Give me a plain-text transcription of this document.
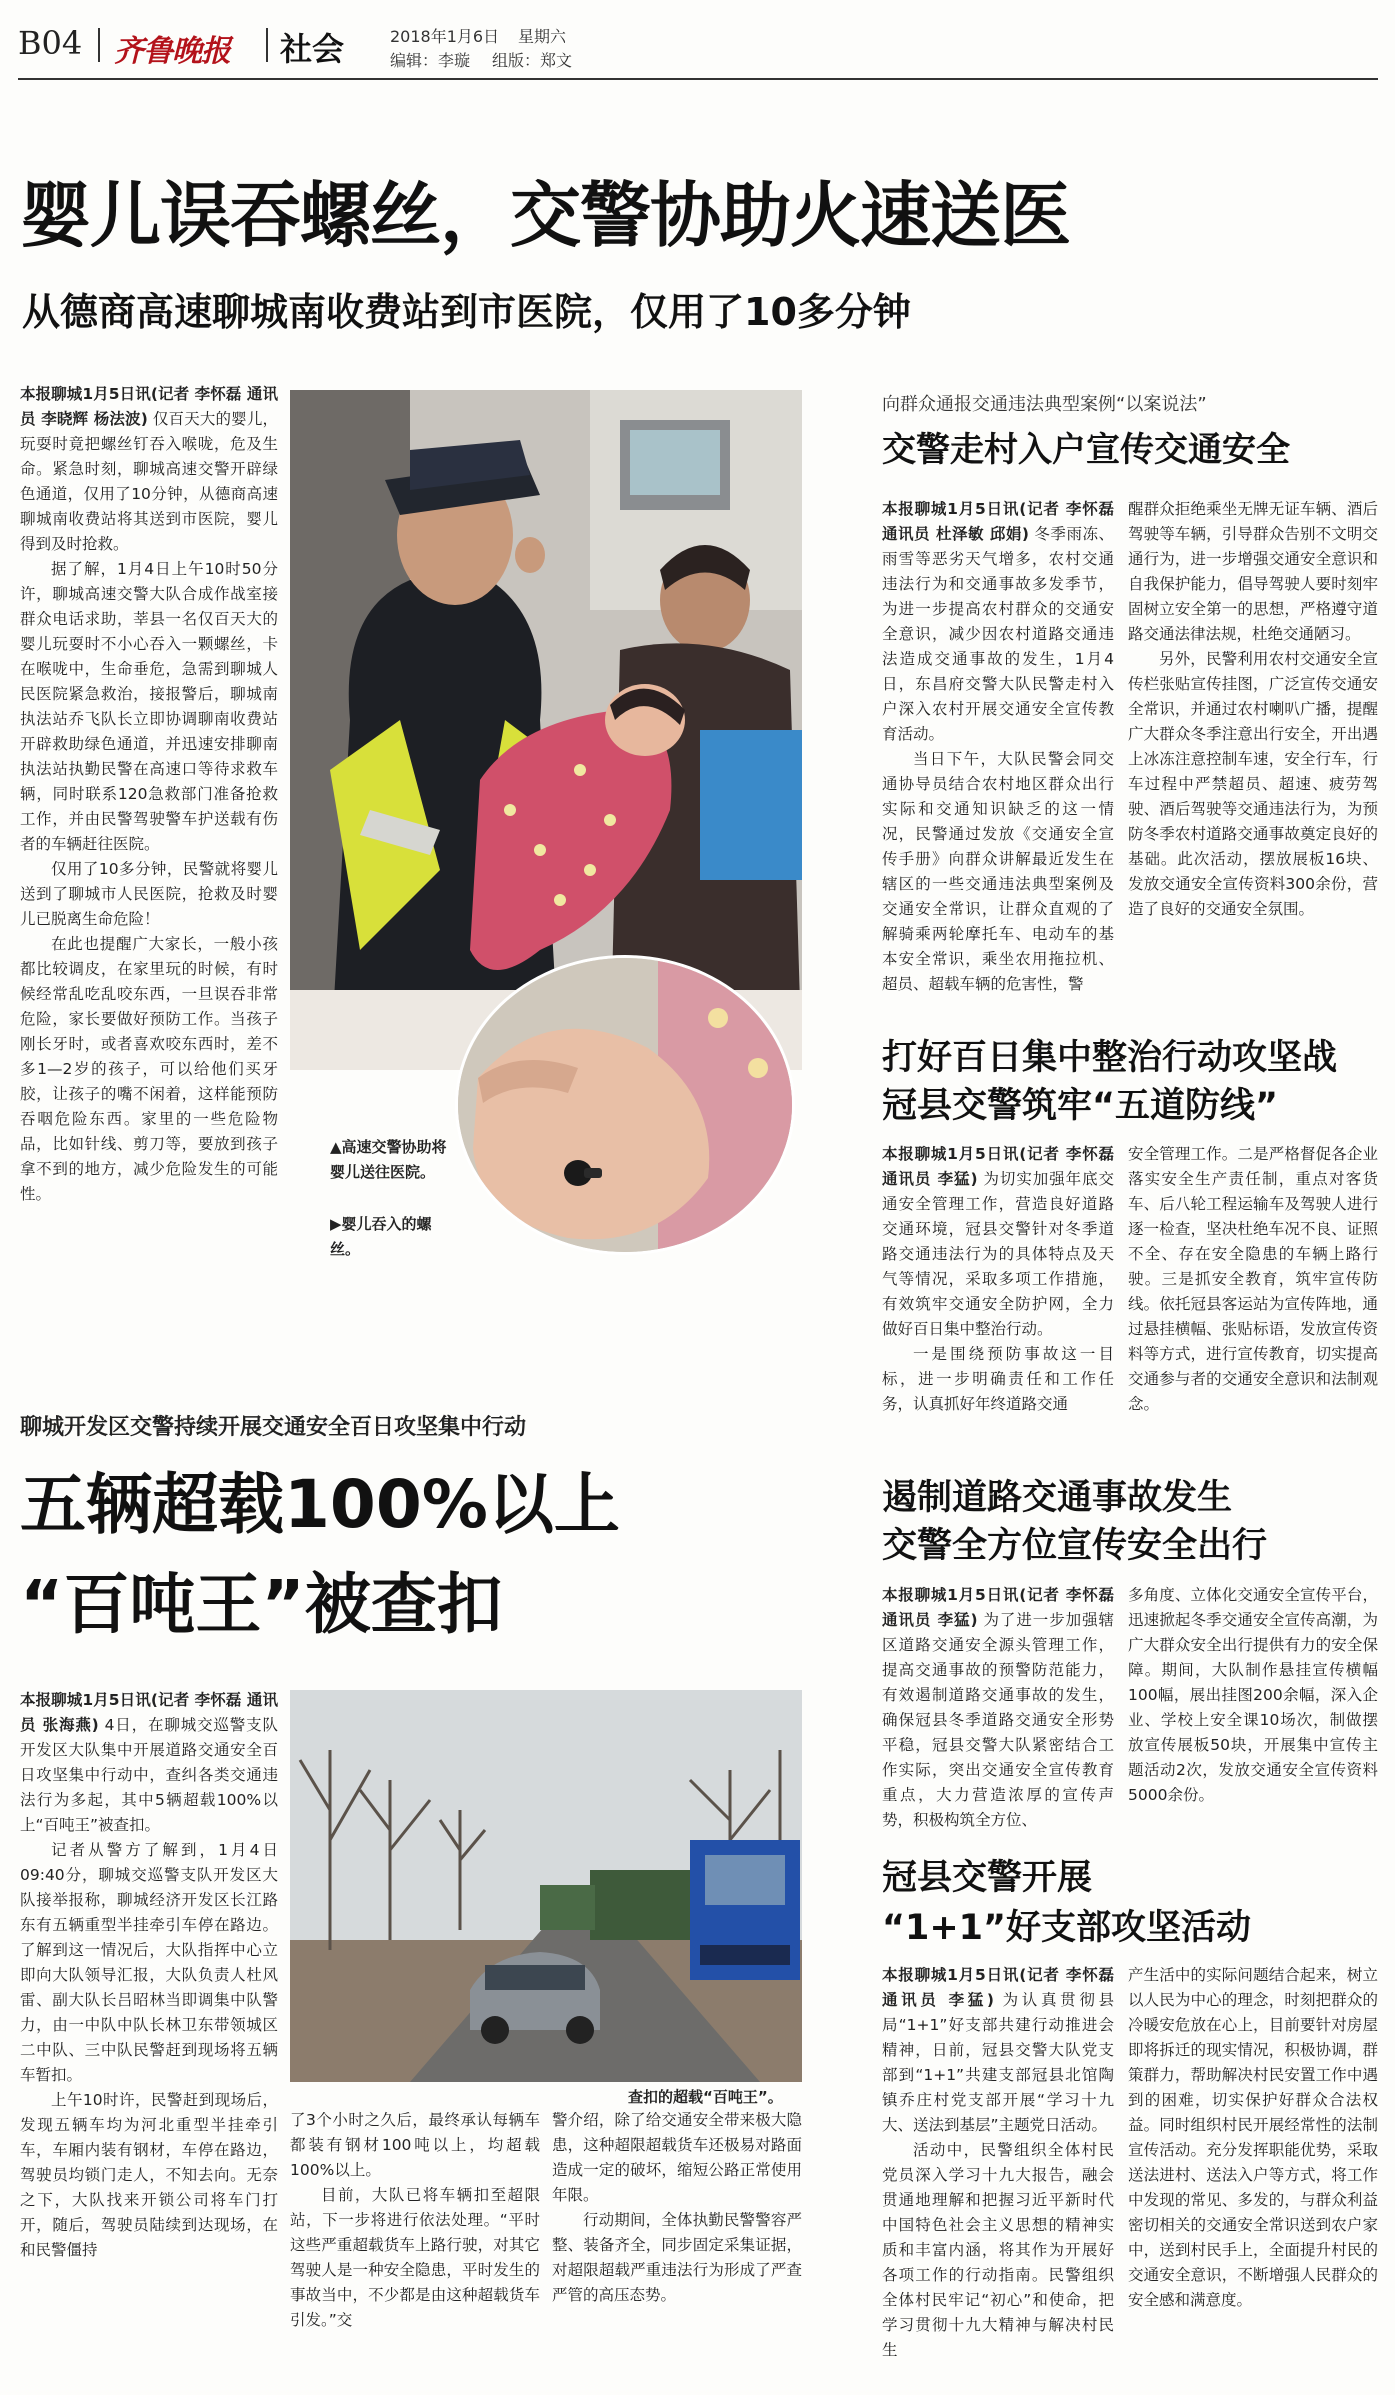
B04 齐鲁晚报 社会	2018年1月6日 星期六
编辑：李璇 组版：郑文
婴儿误吞螺丝，交警协助火速送医
从德商高速聊城南收费站到市医院，仅用了10多分钟

本报聊城1月5日讯(记者 李怀磊 通讯员 李晓辉 杨法波) 仅百天大的婴儿，玩耍时竟把螺丝钉吞入喉咙，危及生命。紧急时刻，聊城高速交警开辟绿色通道，仅用了10分钟，从德商高速聊城南收费站将其送到市医院，婴儿得到及时抢救。

据了解，1月4日上午10时50分许，聊城高速交警大队合成作战室接群众电话求助，莘县一名仅百天大的婴儿玩耍时不小心吞入一颗螺丝，卡在喉咙中，生命垂危，急需到聊城人民医院紧急救治，接报警后，聊城南执法站乔飞队长立即协调聊南收费站开辟救助绿色通道，并迅速安排聊南执法站执勤民警在高速口等待求救车辆，同时联系120急救部门准备抢救工作，并由民警驾驶警车护送载有伤者的车辆赶往医院。

仅用了10多分钟，民警就将婴儿送到了聊城市人民医院，抢救及时婴儿已脱离生命危险！

在此也提醒广大家长，一般小孩都比较调皮，在家里玩的时候，有时候经常乱吃乱咬东西，一旦误吞非常危险，家长要做好预防工作。当孩子刚长牙时，或者喜欢咬东西时，差不多1—2岁的孩子，可以给他们买牙胶，让孩子的嘴不闲着，这样能预防吞咽危险东西。家里的一些危险物品，比如针线、剪刀等，要放到孩子拿不到的地方，减少危险发生的可能性。

▲高速交警协助将婴儿送往医院。
▶婴儿吞入的螺丝。
向群众通报交通违法典型案例“以案说法”
交警走村入户宣传交通安全

本报聊城1月5日讯(记者 李怀磊 通讯员 杜泽敏 邱娟) 冬季雨冻、雨雪等恶劣天气增多，农村交通违法行为和交通事故多发季节，为进一步提高农村群众的交通安全意识，减少因农村道路交通违法造成交通事故的发生，1月4日，东昌府交警大队民警走村入户深入农村开展交通安全宣传教育活动。

当日下午，大队民警会同交通协导员结合农村地区群众出行实际和交通知识缺乏的这一情况，民警通过发放《交通安全宣传手册》向群众讲解最近发生在辖区的一些交通违法典型案例及交通安全常识，让群众直观的了解骑乘两轮摩托车、电动车的基本安全常识，乘坐农用拖拉机、超员、超载车辆的危害性，警

醒群众拒绝乘坐无牌无证车辆、酒后驾驶等车辆，引导群众告别不文明交通行为，进一步增强交通安全意识和自我保护能力，倡导驾驶人要时刻牢固树立安全第一的思想，严格遵守道路交通法律法规，杜绝交通陋习。

另外，民警利用农村交通安全宣传栏张贴宣传挂图，广泛宣传交通安全常识，并通过农村喇叭广播，提醒广大群众冬季注意出行安全，开出遇上冰冻注意控制车速，安全行车，行车过程中严禁超员、超速、疲劳驾驶、酒后驾驶等交通违法行为，为预防冬季农村道路交通事故奠定良好的基础。此次活动，摆放展板16块、发放交通安全宣传资料300余份，营造了良好的交通安全氛围。

打好百日集中整治行动攻坚战
冠县交警筑牢“五道防线”

本报聊城1月5日讯(记者 李怀磊 通讯员 李猛) 为切实加强年底交通安全管理工作，营造良好道路交通环境，冠县交警针对冬季道路交通违法行为的具体特点及天气等情况，采取多项工作措施，有效筑牢交通安全防护网，全力做好百日集中整治行动。

一是围绕预防事故这一目标，进一步明确责任和工作任务，认真抓好年终道路交通

安全管理工作。二是严格督促各企业落实安全生产责任制，重点对客货车、后八轮工程运输车及驾驶人进行逐一检查，坚决杜绝车况不良、证照不全、存在安全隐患的车辆上路行驶。三是抓安全教育，筑牢宣传防线。依托冠县客运站为宣传阵地，通过悬挂横幅、张贴标语，发放宣传资料等方式，进行宣传教育，切实提高交通参与者的交通安全意识和法制观念。

聊城开发区交警持续开展交通安全百日攻坚集中行动
五辆超载100%以上
“百吨王”被查扣

本报聊城1月5日讯(记者 李怀磊 通讯员 张海燕) 4日，在聊城交巡警支队开发区大队集中开展道路交通安全百日攻坚集中行动中，查纠各类交通违法行为多起，其中5辆超载100%以上“百吨王”被查扣。

记者从警方了解到，1月4日09:40分，聊城交巡警支队开发区大队接举报称，聊城经济开发区长江路东有五辆重型半挂牵引车停在路边。了解到这一情况后，大队指挥中心立即向大队领导汇报，大队负责人杜风雷、副大队长吕昭林当即调集中队警力，由一中队中队长林卫东带领城区二中队、三中队民警赶到现场将五辆车暂扣。

上午10时许，民警赶到现场后，发现五辆车均为河北重型半挂牵引车，车厢内装有钢材，车停在路边，驾驶员均锁门走人，不知去向。无奈之下，大队找来开锁公司将车门打开，随后，驾驶员陆续到达现场，在和民警僵持

查扣的超载“百吨王”。

了3个小时之久后，最终承认每辆车都装有钢材100吨以上，均超载100%以上。

目前，大队已将车辆扣至超限站，下一步将进行依法处理。“平时这些严重超载货车上路行驶，对其它驾驶人是一种安全隐患，平时发生的事故当中，不少都是由这种超载货车引发。”交

警介绍，除了给交通安全带来极大隐患，这种超限超载货车还极易对路面造成一定的破坏，缩短公路正常使用年限。

行动期间，全体执勤民警警容严整、装备齐全，同步固定采集证据，对超限超载严重违法行为形成了严查严管的高压态势。

遏制道路交通事故发生
交警全方位宣传安全出行

本报聊城1月5日讯(记者 李怀磊 通讯员 李猛) 为了进一步加强辖区道路交通安全源头管理工作，提高交通事故的预警防范能力，有效遏制道路交通事故的发生，确保冠县冬季道路交通安全形势平稳，冠县交警大队紧密结合工作实际，突出交通安全宣传教育重点，大力营造浓厚的宣传声势，积极构筑全方位、

多角度、立体化交通安全宣传平台，迅速掀起冬季交通安全宣传高潮，为广大群众安全出行提供有力的安全保障。期间，大队制作悬挂宣传横幅100幅，展出挂图200余幅，深入企业、学校上安全课10场次，制做摆放宣传展板50块，开展集中宣传主题活动2次，发放交通安全宣传资料5000余份。

冠县交警开展
“1+1”好支部攻坚活动

本报聊城1月5日讯(记者 李怀磊 通讯员 李猛) 为认真贯彻县局“1+1”好支部共建行动推进会精神，日前，冠县交警大队党支部到“1+1”共建支部冠县北馆陶镇乔庄村党支部开展“学习十九大、送法到基层”主题党日活动。

活动中，民警组织全体村民党员深入学习十九大报告，融会贯通地理解和把握习近平新时代中国特色社会主义思想的精神实质和丰富内涵，将其作为开展好各项工作的行动指南。民警组织全体村民牢记“初心”和使命，把学习贯彻十九大精神与解决村民生

产生活中的实际问题结合起来，树立以人民为中心的理念，时刻把群众的冷暖安危放在心上，目前要针对房屋即将拆迁的现实情况，积极协调，群策群力，帮助解决村民安置工作中遇到的困难，切实保护好群众合法权益。同时组织村民开展经常性的法制宣传活动。充分发挥职能优势，采取送法进村、送法入户等方式，将工作中发现的常见、多发的，与群众利益密切相关的交通安全常识送到农户家中，送到村民手上，全面提升村民的交通安全意识，不断增强人民群众的安全感和满意度。
